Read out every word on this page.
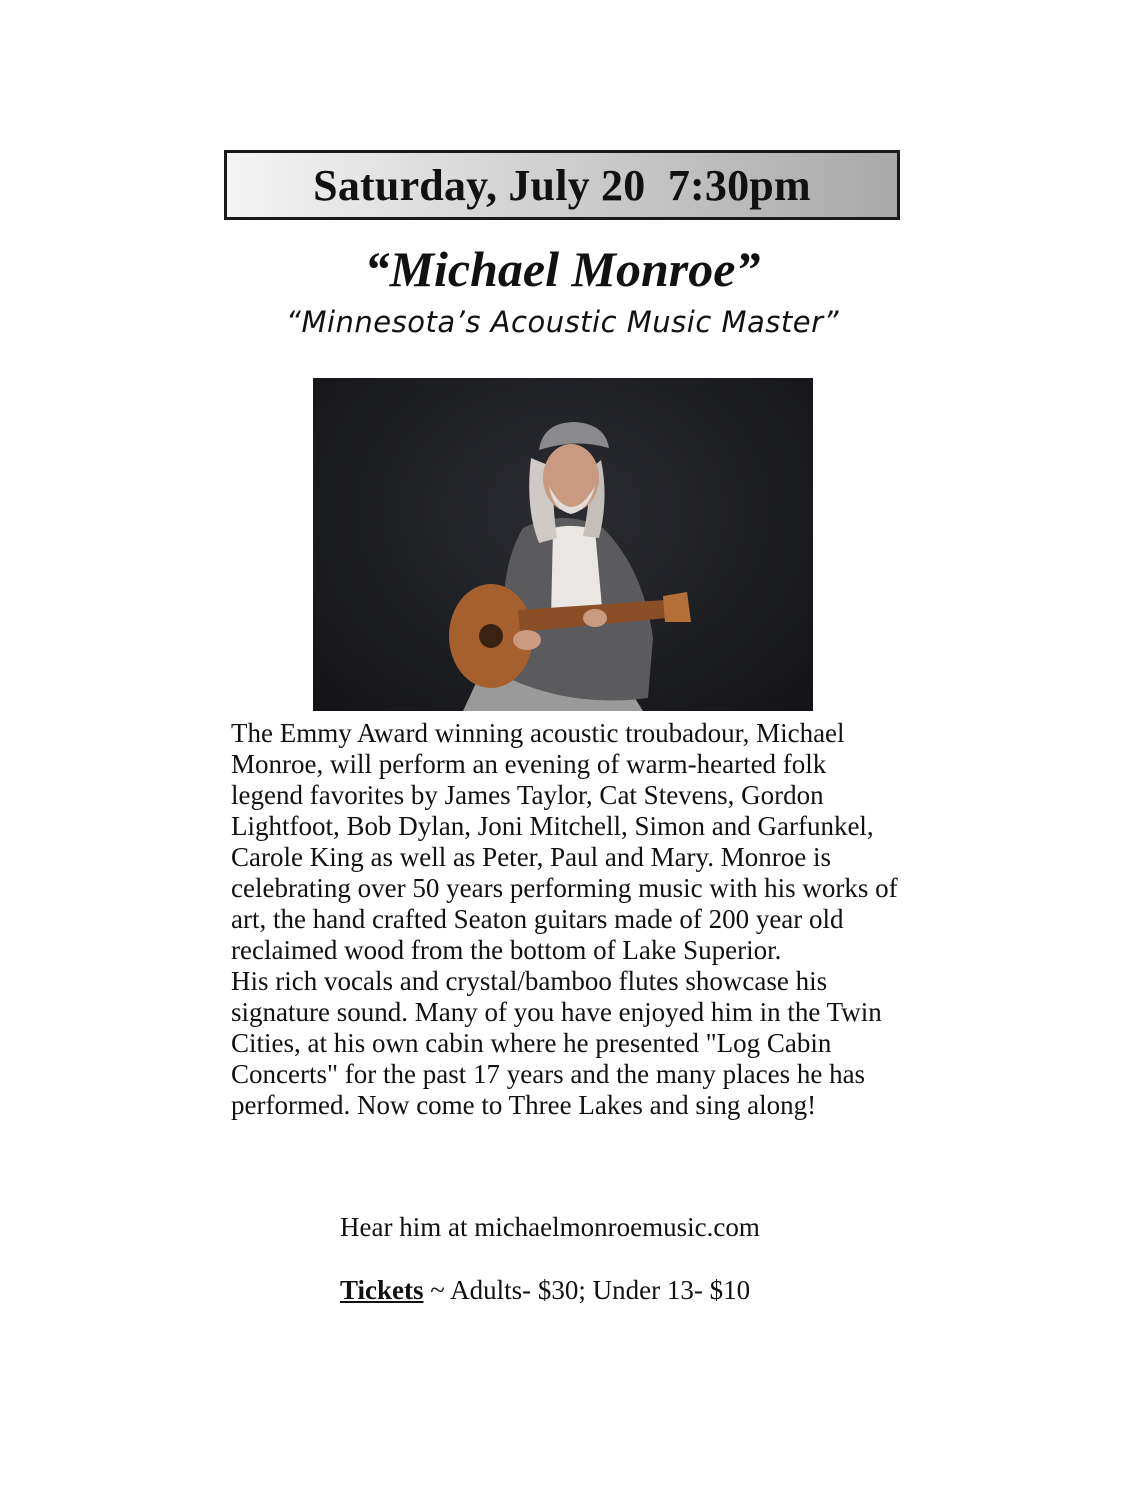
Saturday, July 20  7:30pm
“Michael Monroe”
“Minnesota’s Acoustic Music Master”

The Emmy Award winning acoustic troubadour, Michael Monroe, will perform an evening of warm-hearted folk legend favorites by James Taylor, Cat Stevens, Gordon Lightfoot, Bob Dylan, Joni Mitchell, Simon and Garfunkel, Carole King as well as Peter, Paul and Mary. Monroe is celebrating over 50 years performing music with his works of art, the hand crafted Seaton guitars made of 200 year old reclaimed wood from the bottom of Lake Superior.

His rich vocals and crystal/bamboo flutes showcase his signature sound. Many of you have enjoyed him in the Twin Cities, at his own cabin where he presented "Log Cabin Concerts" for the past 17 years and the many places he has performed. Now come to Three Lakes and sing along!

Hear him at michaelmonroemusic.com
Tickets ~ Adults- $30; Under 13- $10
